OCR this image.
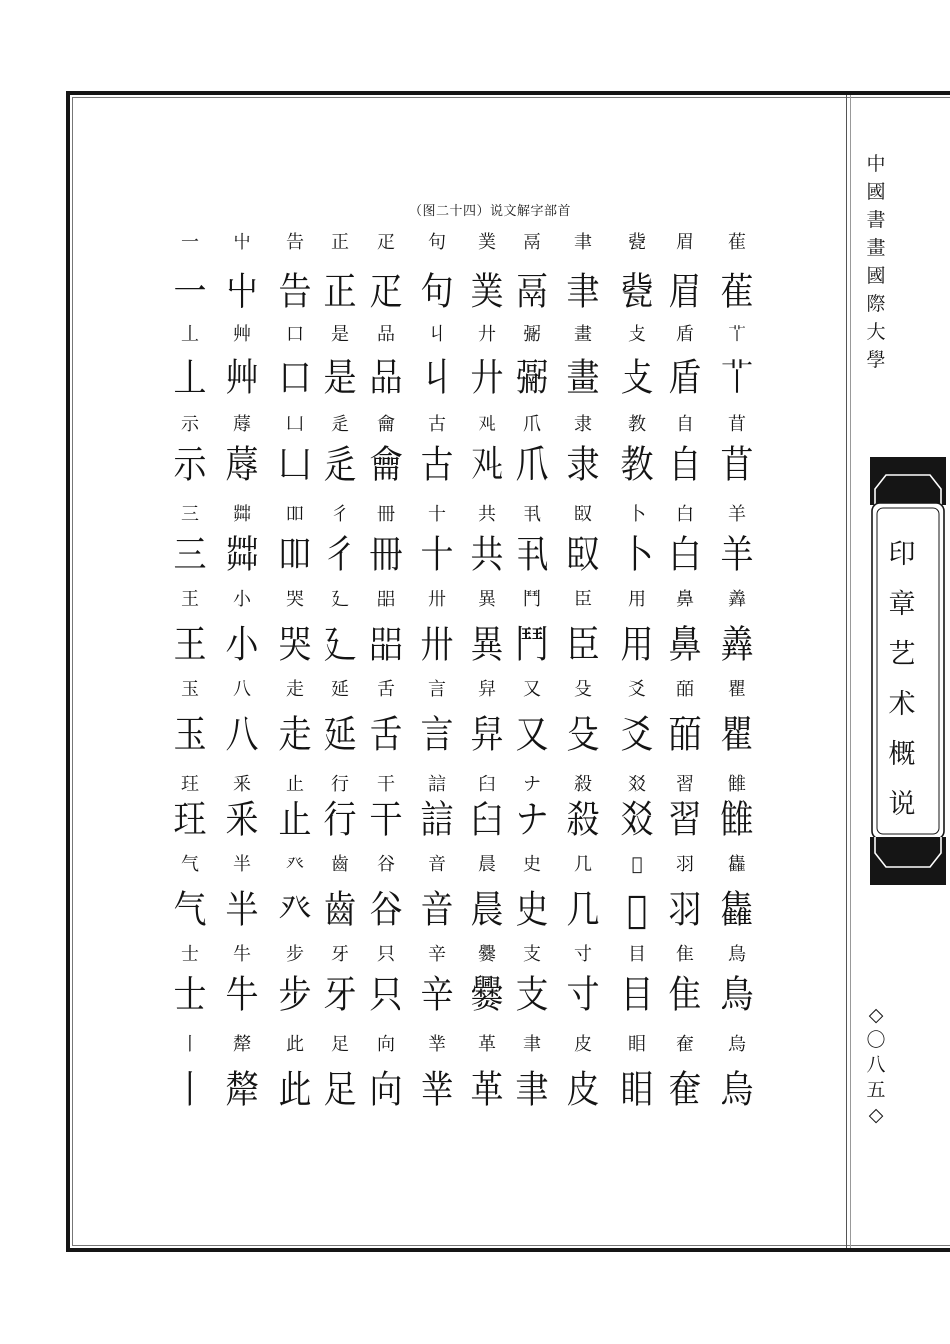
（图二十四）说文解字部首
一
一
丄
丄
示
示
三
三
王
王
玉
玉
玨
玨
气
气
士
士
丨
丨
屮
屮
艸
艸
蓐
蓐
茻
茻
小
小
八
八
釆
釆
半
半
牛
牛
犛
犛
告
告
口
口
凵
凵
吅
吅
哭
哭
走
走
止
止
癶
癶
步
步
此
此
正
正
是
是
辵
辵
彳
彳
廴
廴
延
延
行
行
齒
齒
牙
牙
足
足
疋
疋
品
品
龠
龠
冊
冊
㗊
㗊
舌
舌
干
干
谷
谷
只
只
向
向
句
句
丩
丩
古
古
十
十
卅
卅
言
言
誩
誩
音
音
辛
辛
丵
丵
菐
菐
廾
廾
𠬜
𠬜
共
共
異
異
舁
舁
臼
臼
晨
晨
爨
爨
革
革
鬲
鬲
䰜
䰜
爪
爪
丮
丮
鬥
鬥
又
又
ナ
ナ
史
史
支
支
聿
聿
聿
聿
畫
畫
隶
隶
臤
臤
臣
臣
殳
殳
殺
殺
几
几
寸
寸
皮
皮
㼱
㼱
攴
攴
教
教
卜
卜
用
用
爻
爻
㸚
㸚
𡕥
𡕥
目
目
䀠
䀠
眉
眉
盾
盾
自
自
白
白
鼻
鼻
皕
皕
習
習
羽
羽
隹
隹
奞
奞
萑
萑
𦫳
𦫳
苜
苜
羊
羊
羴
羴
瞿
瞿
雔
雔
雥
雥
鳥
鳥
烏
烏
中
國
書
畫
國
際
大
學
印
章
艺
术
概
说
◇
〇
八
五
◇
